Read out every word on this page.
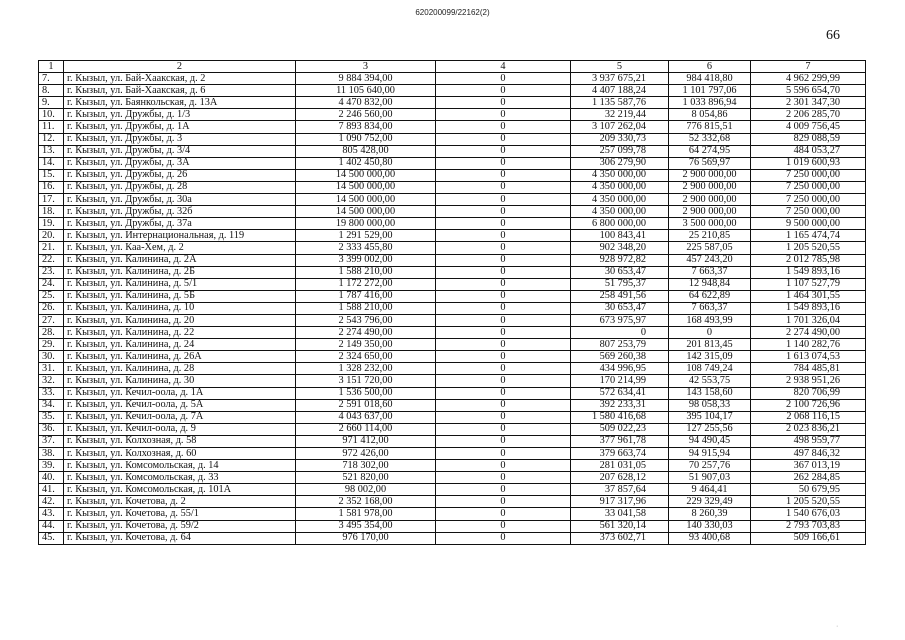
620200099/22162(2)
66
1	2	3	4	5	6	7
7.	г. Кызыл, ул. Бай-Хаакская, д. 2	9 884 394,00	0	3 937 675,21	984 418,80	4 962 299,99
8.	г. Кызыл, ул. Бай-Хаакская, д. 6	11 105 640,00	0	4 407 188,24	1 101 797,06	5 596 654,70
9.	г. Кызыл, ул. Баянкольская, д. 13А	4 470 832,00	0	1 135 587,76	1 033 896,94	2 301 347,30
10.	г. Кызыл, ул. Дружбы, д. 1/3	2 246 560,00	0	32 219,44	8 054,86	2 206 285,70
11.	г. Кызыл, ул. Дружбы, д. 1А	7 893 834,00	0	3 107 262,04	776 815,51	4 009 756,45
12.	г. Кызыл, ул. Дружбы, д. 3	1 090 752,00	0	209 330,73	52 332,68	829 088,59
13.	г. Кызыл, ул. Дружбы, д. 3/4	805 428,00	0	257 099,78	64 274,95	484 053,27
14.	г. Кызыл, ул. Дружбы, д. 3А	1 402 450,80	0	306 279,90	76 569,97	1 019 600,93
15.	г. Кызыл, ул. Дружбы, д. 26	14 500 000,00	0	4 350 000,00	2 900 000,00	7 250 000,00
16.	г. Кызыл, ул. Дружбы, д. 28	14 500 000,00	0	4 350 000,00	2 900 000,00	7 250 000,00
17.	г. Кызыл, ул. Дружбы, д. 30а	14 500 000,00	0	4 350 000,00	2 900 000,00	7 250 000,00
18.	г. Кызыл, ул. Дружбы, д. 32б	14 500 000,00	0	4 350 000,00	2 900 000,00	7 250 000,00
19.	г. Кызыл, ул. Дружбы, д. 37а	19 800 000,00	0	6 800 000,00	3 500 000,00	9 500 000,00
20.	г. Кызыл, ул. Интернациональная, д. 119	1 291 529,00	0	100 843,41	25 210,85	1 165 474,74
21.	г. Кызыл, ул. Каа-Хем, д. 2	2 333 455,80	0	902 348,20	225 587,05	1 205 520,55
22.	г. Кызыл, ул. Калинина, д. 2А	3 399 002,00	0	928 972,82	457 243,20	2 012 785,98
23.	г. Кызыл, ул. Калинина, д. 2Б	1 588 210,00	0	30 653,47	7 663,37	1 549 893,16
24.	г. Кызыл, ул. Калинина, д. 5/1	1 172 272,00	0	51 795,37	12 948,84	1 107 527,79
25.	г. Кызыл, ул. Калинина, д. 5Б	1 787 416,00	0	258 491,56	64 622,89	1 464 301,55
26.	г. Кызыл, ул. Калинина, д. 10	1 588 210,00	0	30 653,47	7 663,37	1 549 893,16
27.	г. Кызыл, ул. Калинина, д. 20	2 543 796,00	0	673 975,97	168 493,99	1 701 326,04
28.	г. Кызыл, ул. Калинина, д. 22	2 274 490,00	0	0	0	2 274 490,00
29.	г. Кызыл, ул. Калинина, д. 24	2 149 350,00	0	807 253,79	201 813,45	1 140 282,76
30.	г. Кызыл, ул. Калинина, д. 26А	2 324 650,00	0	569 260,38	142 315,09	1 613 074,53
31.	г. Кызыл, ул. Калинина, д. 28	1 328 232,00	0	434 996,95	108 749,24	784 485,81
32.	г. Кызыл, ул. Калинина, д. 30	3 151 720,00	0	170 214,99	42 553,75	2 938 951,26
33.	г. Кызыл, ул. Кечил-оола, д. 1А	1 536 500,00	0	572 634,41	143 158,60	820 706,99
34.	г. Кызыл, ул. Кечил-оола, д. 5А	2 591 018,60	0	392 233,31	98 058,33	2 100 726,96
35.	г. Кызыл, ул. Кечил-оола, д. 7А	4 043 637,00	0	1 580 416,68	395 104,17	2 068 116,15
36.	г. Кызыл, ул. Кечил-оола, д. 9	2 660 114,00	0	509 022,23	127 255,56	2 023 836,21
37.	г. Кызыл, ул. Колхозная, д. 58	971 412,00	0	377 961,78	94 490,45	498 959,77
38.	г. Кызыл, ул. Колхозная, д. 60	972 426,00	0	379 663,74	94 915,94	497 846,32
39.	г. Кызыл, ул. Комсомольская, д. 14	718 302,00	0	281 031,05	70 257,76	367 013,19
40.	г. Кызыл, ул. Комсомольская, д. 33	521 820,00	0	207 628,12	51 907,03	262 284,85
41.	г. Кызыл, ул. Комсомольская, д. 101А	98 002,00	0	37 857,64	9 464,41	50 679,95
42.	г. Кызыл, ул. Кочетова, д. 2	2 352 168,00	0	917 317,96	229 329,49	1 205 520,55
43.	г. Кызыл, ул. Кочетова, д. 55/1	1 581 978,00	0	33 041,58	8 260,39	1 540 676,03
44.	г. Кызыл, ул. Кочетова, д. 59/2	3 495 354,00	0	561 320,14	140 330,03	2 793 703,83
45.	г. Кызыл, ул. Кочетова, д. 64	976 170,00	0	373 602,71	93 400,68	509 166,61
·
